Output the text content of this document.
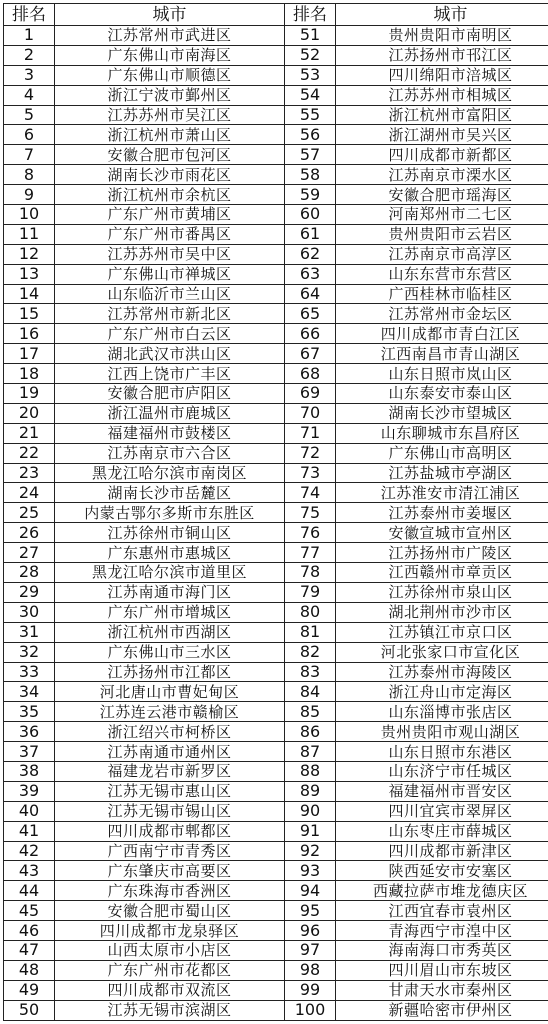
排名	城市	排名	城市
1	江苏常州市武进区	51	贵州贵阳市南明区
2	广东佛山市南海区	52	江苏扬州市邗江区
3	广东佛山市顺德区	53	四川绵阳市涪城区
4	浙江宁波市鄞州区	54	江苏苏州市相城区
5	江苏苏州市吴江区	55	浙江杭州市富阳区
6	浙江杭州市萧山区	56	浙江湖州市吴兴区
7	安徽合肥市包河区	57	四川成都市新都区
8	湖南长沙市雨花区	58	江苏南京市溧水区
9	浙江杭州市余杭区	59	安徽合肥市瑶海区
10	广东广州市黄埔区	60	河南郑州市二七区
11	广东广州市番禺区	61	贵州贵阳市云岩区
12	江苏苏州市吴中区	62	江苏南京市高淳区
13	广东佛山市禅城区	63	山东东营市东营区
14	山东临沂市兰山区	64	广西桂林市临桂区
15	江苏常州市新北区	65	江苏常州市金坛区
16	广东广州市白云区	66	四川成都市青白江区
17	湖北武汉市洪山区	67	江西南昌市青山湖区
18	江西上饶市广丰区	68	山东日照市岚山区
19	安徽合肥市庐阳区	69	山东泰安市泰山区
20	浙江温州市鹿城区	70	湖南长沙市望城区
21	福建福州市鼓楼区	71	山东聊城市东昌府区
22	江苏南京市六合区	72	广东佛山市高明区
23	黑龙江哈尔滨市南岗区	73	江苏盐城市亭湖区
24	湖南长沙市岳麓区	74	江苏淮安市清江浦区
25	内蒙古鄂尔多斯市东胜区	75	江苏泰州市姜堰区
26	江苏徐州市铜山区	76	安徽宣城市宣州区
27	广东惠州市惠城区	77	江苏扬州市广陵区
28	黑龙江哈尔滨市道里区	78	江西赣州市章贡区
29	江苏南通市海门区	79	江苏徐州市泉山区
30	广东广州市增城区	80	湖北荆州市沙市区
31	浙江杭州市西湖区	81	江苏镇江市京口区
32	广东佛山市三水区	82	河北张家口市宣化区
33	江苏扬州市江都区	83	江苏泰州市海陵区
34	河北唐山市曹妃甸区	84	浙江舟山市定海区
35	江苏连云港市赣榆区	85	山东淄博市张店区
36	浙江绍兴市柯桥区	86	贵州贵阳市观山湖区
37	江苏南通市通州区	87	山东日照市东港区
38	福建龙岩市新罗区	88	山东济宁市任城区
39	江苏无锡市惠山区	89	福建福州市晋安区
40	江苏无锡市锡山区	90	四川宜宾市翠屏区
41	四川成都市郫都区	91	山东枣庄市薛城区
42	广西南宁市青秀区	92	四川成都市新津区
43	广东肇庆市高要区	93	陕西延安市安塞区
44	广东珠海市香洲区	94	西藏拉萨市堆龙德庆区
45	安徽合肥市蜀山区	95	江西宜春市袁州区
46	四川成都市龙泉驿区	96	青海西宁市湟中区
47	山西太原市小店区	97	海南海口市秀英区
48	广东广州市花都区	98	四川眉山市东坡区
49	四川成都市双流区	99	甘肃天水市秦州区
50	江苏无锡市滨湖区	100	新疆哈密市伊州区
